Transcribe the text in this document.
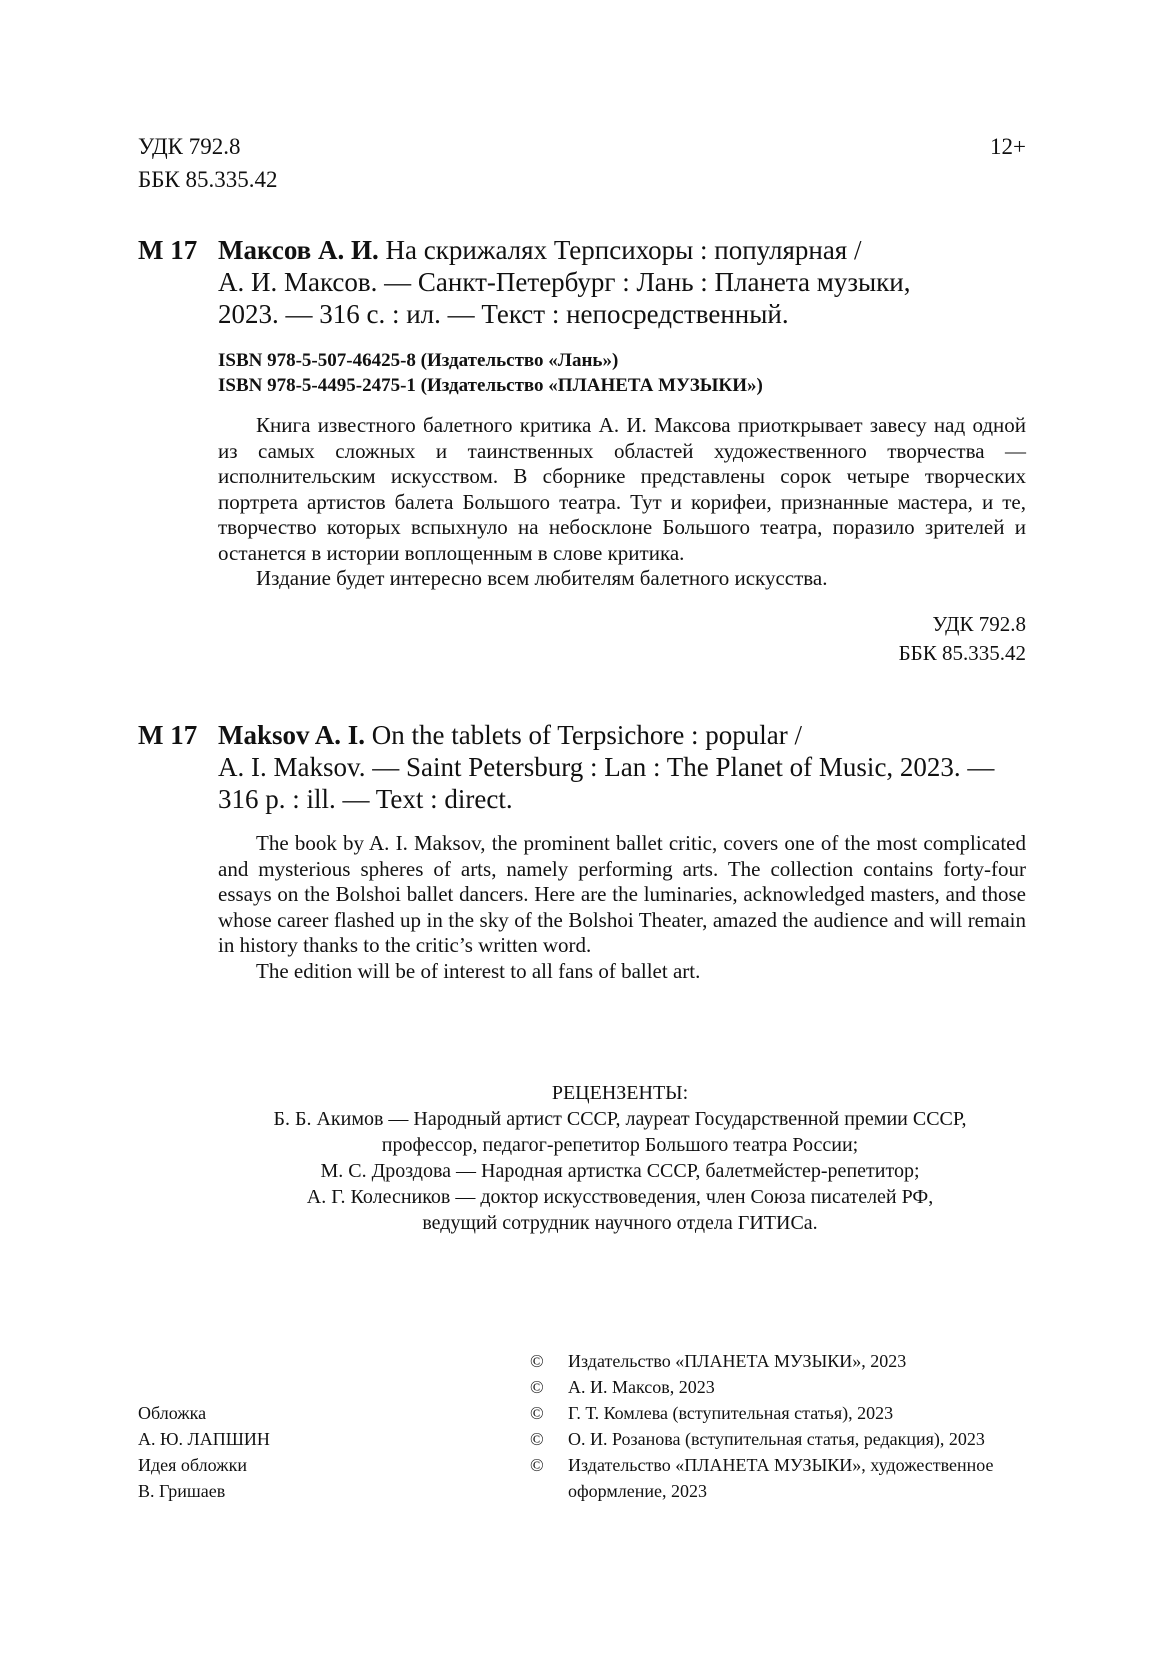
УДК 792.8
ББК 85.335.42
12+
М 17 Максов А. И. На скрижалях Терпсихоры : популярная /
А. И. Максов. — Санкт-Петербург : Лань : Планета музыки,
2023. — 316 с. : ил. — Текст : непосредственный.
ISBN 978-5-507-46425-8 (Издательство «Лань»)
ISBN 978-5-4495-2475-1 (Издательство «ПЛАНЕТА МУЗЫКИ»)

Книга известного балетного критика А. И. Максова приоткрывает завесу над одной из самых сложных и таинственных областей художественного творчества — исполнительским искусством. В сборнике представлены сорок четыре творческих портрета артистов балета Большого театра. Тут и корифеи, признанные мастера, и те, творчество которых вспыхнуло на небосклоне Большого театра, поразило зрителей и останется в истории воплощенным в слове критика.

Издание будет интересно всем любителям балетного искусства.

УДК 792.8
ББК 85.335.42
M 17 Maksov A. I. On the tablets of Terpsichore : popular /
A. I. Maksov. — Saint Petersburg : Lan : The Planet of Music, 2023. —
316 p. : ill. — Text : direct.

The book by A. I. Maksov, the prominent ballet critic, covers one of the most complicated and mysterious spheres of arts, namely performing arts. The collection contains forty-four essays on the Bolshoi ballet dancers. Here are the luminaries, acknowledged masters, and those whose career flashed up in the sky of the Bolshoi Theater, amazed the audience and will remain in history thanks to the critic’s written word.

The edition will be of interest to all fans of ballet art.

РЕЦЕНЗЕНТЫ:
Б. Б. Акимов — Народный артист СССР, лауреат Государственной премии СССР,
профессор, педагог-репетитор Большого театра России;
М. С. Дроздова — Народная артистка СССР, балетмейстер-репетитор;
А. Г. Колесников — доктор искусствоведения, член Союза писателей РФ,
ведущий сотрудник научного отдела ГИТИСа.
Обложка
А. Ю. ЛАПШИН
Идея обложки
В. Гришаев
©	Издательство «ПЛАНЕТА МУЗЫКИ», 2023
©	А. И. Максов, 2023
©	Г. Т. Комлева (вступительная статья), 2023
©	О. И. Розанова (вступительная статья, редакция), 2023
©	Издательство «ПЛАНЕТА МУЗЫКИ», художественное оформление, 2023
